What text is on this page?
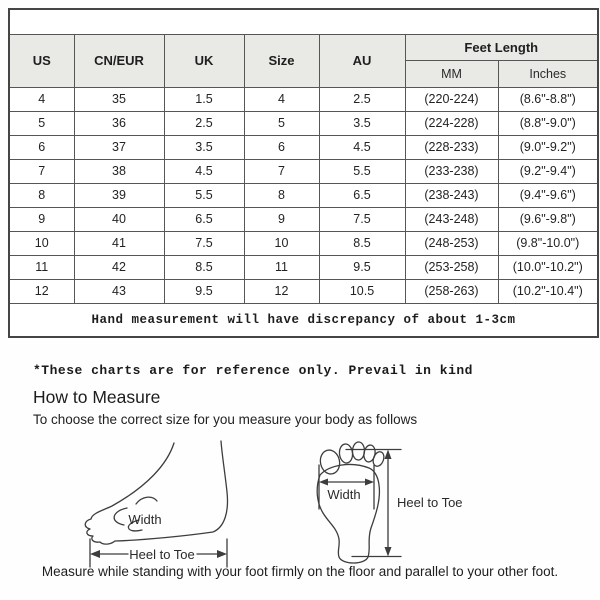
US	CN/EUR	UK	Size	AU	Feet Length	
					MM	Inches
4	35	1.5	4	2.5	(220-224)	(8.6"-8.8")
5	36	2.5	5	3.5	(224-228)	(8.8"-9.0")
6	37	3.5	6	4.5	(228-233)	(9.0"-9.2")
7	38	4.5	7	5.5	(233-238)	(9.2"-9.4")
8	39	5.5	8	6.5	(238-243)	(9.4"-9.6")
9	40	6.5	9	7.5	(243-248)	(9.6"-9.8")
10	41	7.5	10	8.5	(248-253)	(9.8"-10.0")
11	42	8.5	11	9.5	(253-258)	(10.0"-10.2")
12	43	9.5	12	10.5	(258-263)	(10.2"-10.4")
Hand measurement will have discrepancy of about 1-3cm						
*These charts are for reference only. Prevail in kind
How to Measure
To choose the correct size for you measure your body as follows
Width
Heel to Toe
Width
Heel to Toe
Measure while standing with your foot firmly on the floor and parallel to your other foot.
